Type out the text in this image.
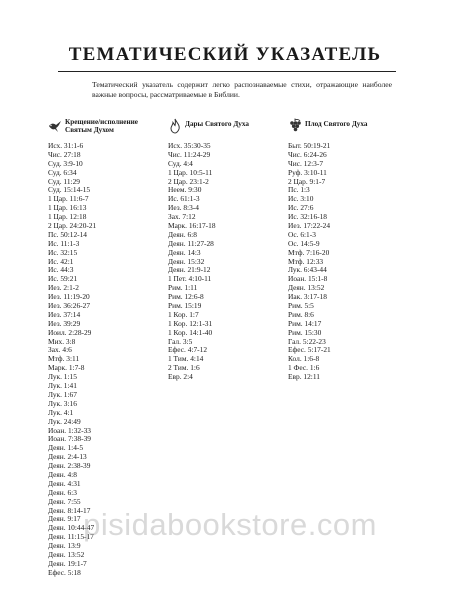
ТЕМАТИЧЕСКИЙ УКАЗАТЕЛЬ
Тематический указатель содержит легко распознаваемые стихи, отражающие наиболее важные вопросы, рассматриваемые в Библии.
Крещение/исполнение
Святым Духом
Дары Святого Духа	Плод Святого Духа
Исх. 31:1-6
Чис. 27:18
Суд. 3:9-10
Суд. 6:34
Суд. 11:29
Суд. 15:14-15
1 Цар. 11:6-7
1 Цар. 16:13
1 Цар. 12:18
2 Цар. 24:20-21
Пс. 50:12-14
Ис. 11:1-3
Ис. 32:15
Ис. 42:1
Ис. 44:3
Ис. 59:21
Иез. 2:1-2
Иез. 11:19-20
Иез. 36:26-27
Иез. 37:14
Иез. 39:29
Иоил. 2:28-29
Мих. 3:8
Зах. 4:6
Мтф. 3:11
Марк. 1:7-8
Лук. 1:15
Лук. 1:41
Лук. 1:67
Лук. 3:16
Лук. 4:1
Лук. 24:49
Иоан. 1:32-33
Иоан. 7:38-39
Деян. 1:4-5
Деян. 2:4-13
Деян. 2:38-39
Деян. 4:8
Деян. 4:31
Деян. 6:3
Деян. 7:55
Деян. 8:14-17
Деян. 9:17
Деян. 10:44-47
Деян. 11:15-17
Деян. 13:9
Деян. 13:52
Деян. 19:1-7
Ефес. 5:18
Исх. 35:30-35
Чис. 11:24-29
Суд. 4:4
1 Цар. 10:5-11
2 Цар. 23:1-2
Неем. 9:30
Ис. 61:1-3
Иез. 8:3-4
Зах. 7:12
Марк. 16:17-18
Деян. 6:8
Деян. 11:27-28
Деян. 14:3
Деян. 15:32
Деян. 21:9-12
1 Пет. 4:10-11
Рим. 1:11
Рим. 12:6-8
Рим. 15:19
1 Кор. 1:7
1 Кор. 12:1-31
1 Кор. 14:1-40
Гал. 3:5
Ефес. 4:7-12
1 Тим. 4:14
2 Тим. 1:6
Евр. 2:4
Быт. 50:19-21
Чис. 6:24-26
Чис. 12:3-7
Руф. 3:10-11
2 Цар. 9:1-7
Пс. 1:3
Ис. 3:10
Ис. 27:6
Ис. 32:16-18
Иез. 17:22-24
Ос. 6:1-3
Ос. 14:5-9
Мтф. 7:16-20
Мтф. 12:33
Лук. 6:43-44
Иоан. 15:1-8
Деян. 13:52
Иак. 3:17-18
Рим. 5:5
Рим. 8:6
Рим. 14:17
Рим. 15:30
Гал. 5:22-23
Ефес. 5:17-21
Кол. 1:6-8
1 Фес. 1:6
Евр. 12:11
pisidabookstore.com
